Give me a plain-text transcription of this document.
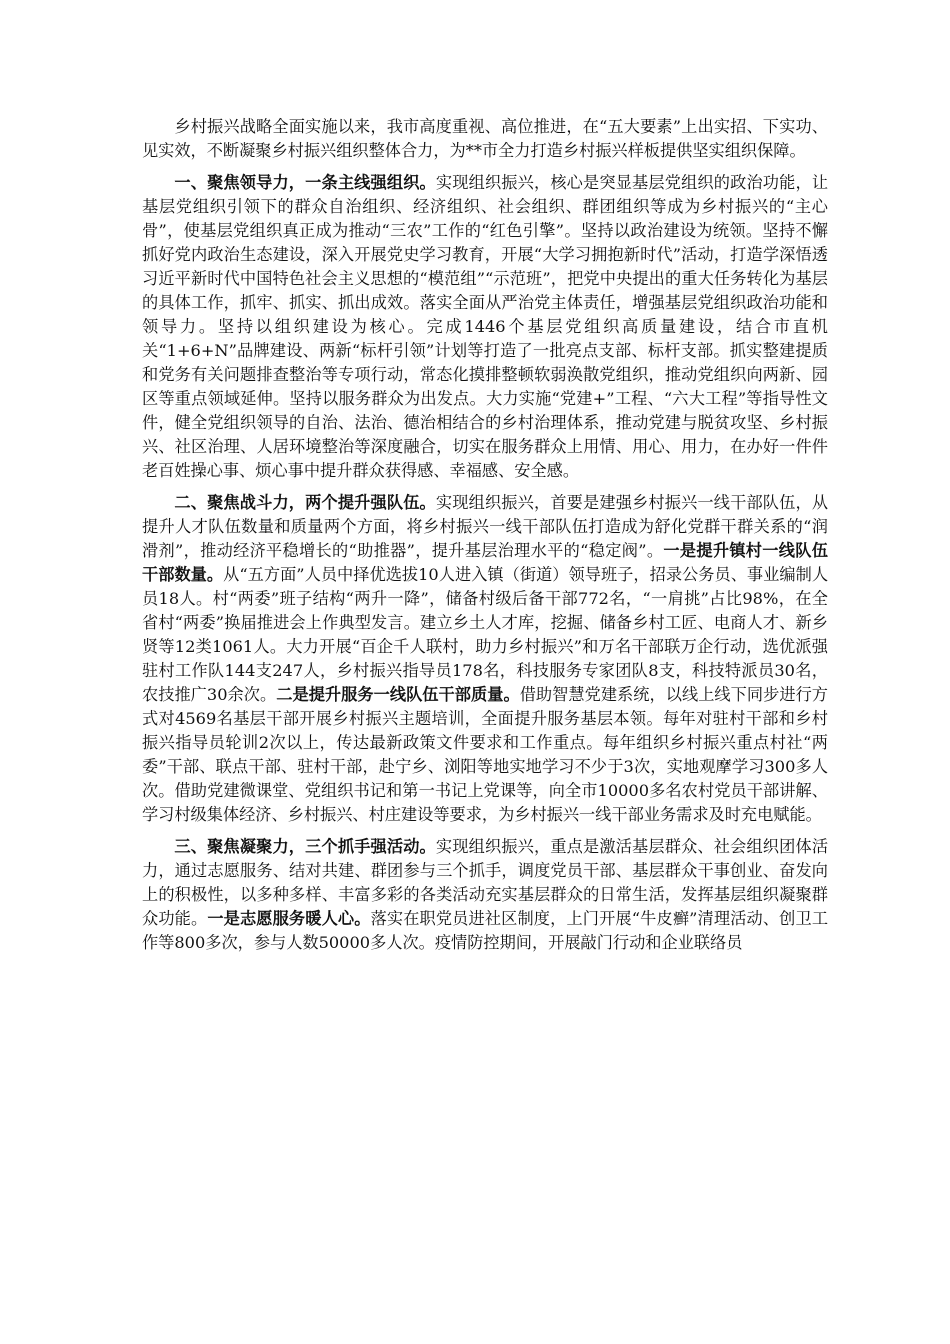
乡村振兴战略全面实施以来，我市高度重视、高位推进，在“五大要素”上出实招、下实功、见实效，不断凝聚乡村振兴组织整体合力，为**市全力打造乡村振兴样板提供坚实组织保障。

一、聚焦领导力，一条主线强组织。实现组织振兴，核心是突显基层党组织的政治功能，让基层党组织引领下的群众自治组织、经济组织、社会组织、群团组织等成为乡村振兴的“主心骨”，使基层党组织真正成为推动“三农”工作的“红色引擎”。坚持以政治建设为统领。坚持不懈抓好党内政治生态建设，深入开展党史学习教育，开展“大学习拥抱新时代”活动，打造学深悟透习近平新时代中国特色社会主义思想的“模范组”“示范班”，把党中央提出的重大任务转化为基层的具体工作，抓牢、抓实、抓出成效。落实全面从严治党主体责任，增强基层党组织政治功能和领导力。坚持以组织建设为核心。完成1446个基层党组织高质量建设，结合市直机关“1+6+N”品牌建设、两新“标杆引领”计划等打造了一批亮点支部、标杆支部。抓实整建提质和党务有关问题排查整治等专项行动，常态化摸排整顿软弱涣散党组织，推动党组织向两新、园区等重点领域延伸。坚持以服务群众为出发点。大力实施“党建+”工程、“六大工程”等指导性文件，健全党组织领导的自治、法治、德治相结合的乡村治理体系，推动党建与脱贫攻坚、乡村振兴、社区治理、人居环境整治等深度融合，切实在服务群众上用情、用心、用力，在办好一件件老百姓操心事、烦心事中提升群众获得感、幸福感、安全感。

二、聚焦战斗力，两个提升强队伍。实现组织振兴，首要是建强乡村振兴一线干部队伍，从提升人才队伍数量和质量两个方面，将乡村振兴一线干部队伍打造成为舒化党群干群关系的“润滑剂”，推动经济平稳增长的“助推器”，提升基层治理水平的“稳定阀”。一是提升镇村一线队伍干部数量。从“五方面”人员中择优选拔10人进入镇（街道）领导班子，招录公务员、事业编制人员18人。村“两委”班子结构“两升一降”，储备村级后备干部772名，“一肩挑”占比98%，在全省村“两委”换届推进会上作典型发言。建立乡土人才库，挖掘、储备乡村工匠、电商人才、新乡贤等12类1061人。大力开展“百企千人联村，助力乡村振兴”和万名干部联万企行动，选优派强驻村工作队144支247人，乡村振兴指导员178名，科技服务专家团队8支，科技特派员30名，农技推广30余次。二是提升服务一线队伍干部质量。借助智慧党建系统，以线上线下同步进行方式对4569名基层干部开展乡村振兴主题培训，全面提升服务基层本领。每年对驻村干部和乡村振兴指导员轮训2次以上，传达最新政策文件要求和工作重点。每年组织乡村振兴重点村社“两委”干部、联点干部、驻村干部，赴宁乡、浏阳等地实地学习不少于3次，实地观摩学习300多人次。借助党建微课堂、党组织书记和第一书记上党课等，向全市10000多名农村党员干部讲解、学习村级集体经济、乡村振兴、村庄建设等要求，为乡村振兴一线干部业务需求及时充电赋能。

三、聚焦凝聚力，三个抓手强活动。实现组织振兴，重点是激活基层群众、社会组织团体活力，通过志愿服务、结对共建、群团参与三个抓手，调度党员干部、基层群众干事创业、奋发向上的积极性，以多种多样、丰富多彩的各类活动充实基层群众的日常生活，发挥基层组织凝聚群众功能。一是志愿服务暖人心。落实在职党员进社区制度，上门开展“牛皮癣”清理活动、创卫工作等800多次，参与人数50000多人次。疫情防控期间，开展敲门行动和企业联络员
